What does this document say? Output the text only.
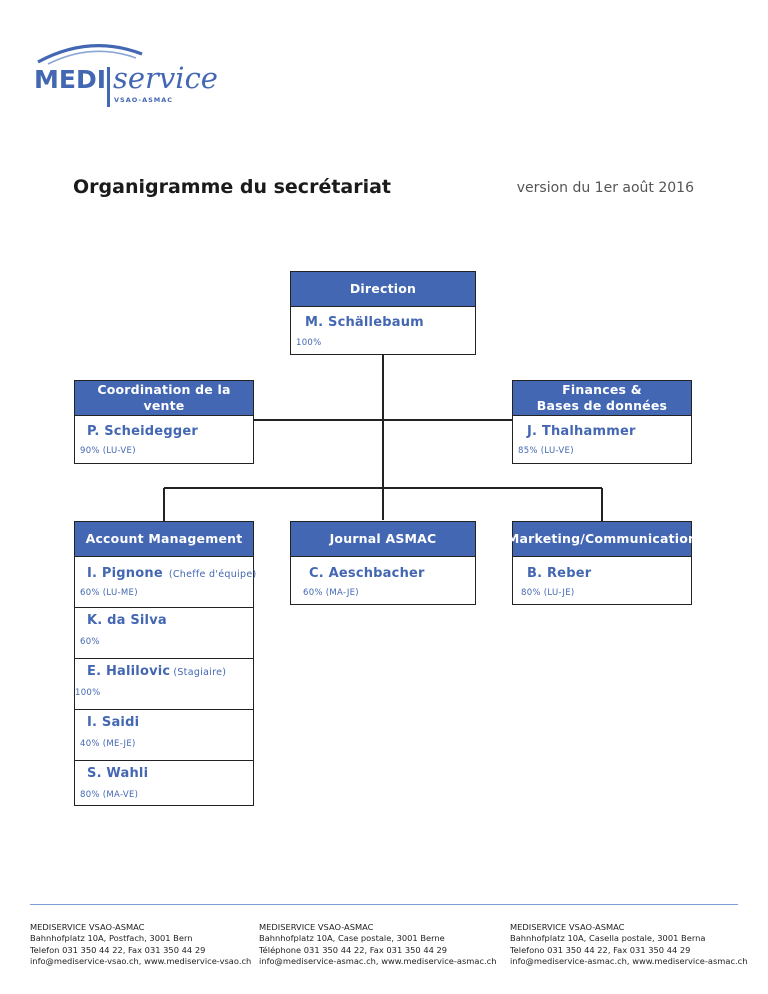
MEDI service
VSAO-ASMAC
Organigramme du secrétariat	version du 1er août 2016
Direction
M. Schällebaum
100%
Coordination de la vente
P. Scheidegger
90% (LU-VE)
Finances &
Bases de données
J. Thalhammer
85% (LU-VE)
Account Management
I. Pignone (Cheffe d'équipe)
60% (LU-ME)
K. da Silva
60%
E. Halilovic (Stagiaire)
100%
I. Saidi
40% (ME-JE)
S. Wahli
80% (MA-VE)
Journal ASMAC
C. Aeschbacher
60% (MA-JE)
Marketing/Communication
B. Reber
80% (LU-JE)
MEDISERVICE VSAO-ASMAC
Bahnhofplatz 10A, Postfach, 3001 Bern
Telefon 031 350 44 22, Fax 031 350 44 29
info@mediservice-vsao.ch, www.mediservice-vsao.ch
MEDISERVICE VSAO-ASMAC
Bahnhofplatz 10A, Case postale, 3001 Berne
Téléphone 031 350 44 22, Fax 031 350 44 29
info@mediservice-asmac.ch, www.mediservice-asmac.ch
MEDISERVICE VSAO-ASMAC
Bahnhofplatz 10A, Casella postale, 3001 Berna
Telefono 031 350 44 22, Fax 031 350 44 29
info@mediservice-asmac.ch, www.mediservice-asmac.ch
